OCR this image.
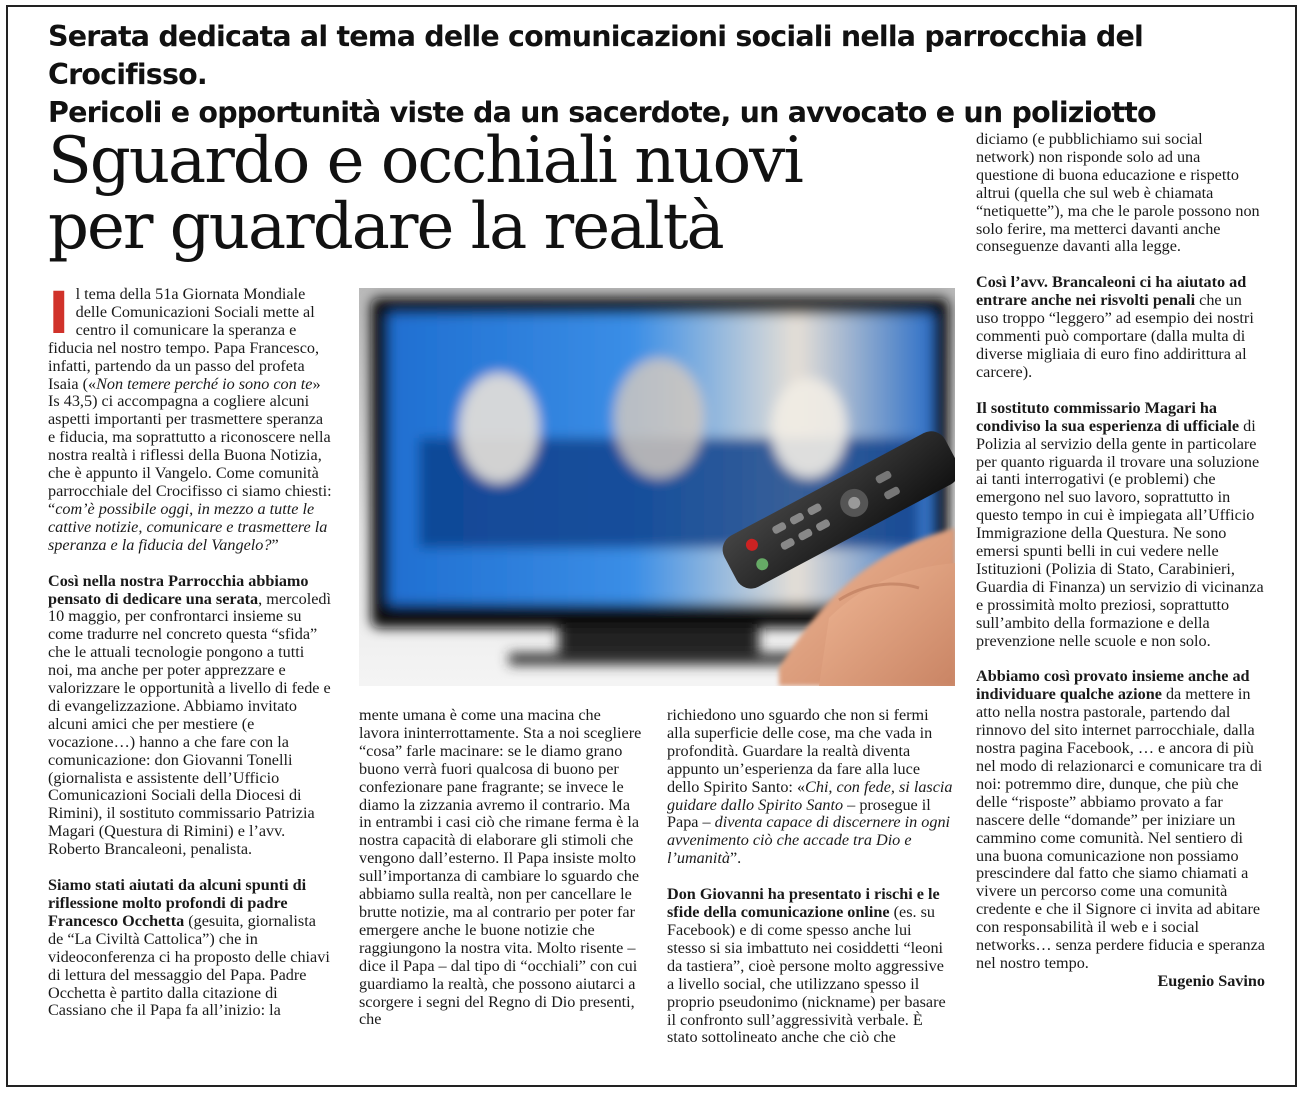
Serata dedicata al tema delle comunicazioni sociali nella parrocchia del Crocifisso.
Pericoli e opportunità viste da un sacerdote, un avvocato e un poliziotto
Sguardo e occhiali nuovi
per guardare la realtà

Il tema della 51a Giornata Mondiale delle Comunicazioni Sociali mette al centro il comunicare la speranza e fiducia nel nostro tempo. Papa Francesco, infatti, partendo da un passo del profeta Isaia («Non temere perché io sono con te» Is 43,5) ci accompagna a cogliere alcuni aspetti importanti per trasmettere speranza e fiducia, ma soprattutto a riconoscere nella nostra realtà i riflessi della Buona Notizia, che è appunto il Vangelo. Come comunità parrocchiale del Crocifisso ci siamo chiesti: “com’è possibile oggi, in mezzo a tutte le cattive notizie, comunicare e trasmettere la speranza e la fiducia del Vangelo?”

Così nella nostra Parrocchia abbiamo pensato di dedicare una serata, mercoledì 10 maggio, per confrontarci insieme su come tradurre nel concreto questa “sfida” che le attuali tecnologie pongono a tutti noi, ma anche per poter apprezzare e valorizzare le opportunità a livello di fede e di evangelizzazione. Abbiamo invitato alcuni amici che per mestiere (e vocazione…) hanno a che fare con la comunicazione: don Giovanni Tonelli (giornalista e assistente dell’Ufficio Comunicazioni Sociali della Diocesi di Rimini), il sostituto commissario Patrizia Magari (Questura di Rimini) e l’avv. Roberto Brancaleoni, penalista.

Siamo stati aiutati da alcuni spunti di riflessione molto profondi di padre Francesco Occhetta (gesuita, giornalista de “La Civiltà Cattolica”) che in videoconferenza ci ha proposto delle chiavi di lettura del messaggio del Papa. Padre Occhetta è partito dalla citazione di Cassiano che il Papa fa all’inizio: la

mente umana è come una macina che lavora ininterrottamente. Sta a noi scegliere “cosa” farle macinare: se le diamo grano buono verrà fuori qualcosa di buono per confezionare pane fragrante; se invece le diamo la zizzania avremo il contrario. Ma in entrambi i casi ciò che rimane ferma è la nostra capacità di elaborare gli stimoli che vengono dall’esterno. Il Papa insiste molto sull’importanza di cambiare lo sguardo che abbiamo sulla realtà, non per cancellare le brutte notizie, ma al contrario per poter far emergere anche le buone notizie che raggiungono la nostra vita. Molto risente – dice il Papa – dal tipo di “occhiali” con cui guardiamo la realtà, che possono aiutarci a scorgere i segni del Regno di Dio presenti, che

richiedono uno sguardo che non si fermi alla superficie delle cose, ma che vada in profondità. Guardare la realtà diventa appunto un’esperienza da fare alla luce dello Spirito Santo: «Chi, con fede, si lascia guidare dallo Spirito Santo – prosegue il Papa – diventa capace di discernere in ogni avvenimento ciò che accade tra Dio e l’umanità”.

Don Giovanni ha presentato i rischi e le sfide della comunicazione online (es. su Facebook) e di come spesso anche lui stesso si sia imbattuto nei cosiddetti “leoni da tastiera”, cioè persone molto aggressive a livello social, che utilizzano spesso il proprio pseudonimo (nickname) per basare il confronto sull’aggressività verbale. È stato sottolineato anche che ciò che

diciamo (e pubblichiamo sui social network) non risponde solo ad una questione di buona educazione e rispetto altrui (quella che sul web è chiamata “netiquette”), ma che le parole possono non solo ferire, ma metterci davanti anche conseguenze davanti alla legge.

Così l’avv. Brancaleoni ci ha aiutato ad entrare anche nei risvolti penali che un uso troppo “leggero” ad esempio dei nostri commenti può comportare (dalla multa di diverse migliaia di euro fino addirittura al carcere).

Il sostituto commissario Magari ha condiviso la sua esperienza di ufficiale di Polizia al servizio della gente in particolare per quanto riguarda il trovare una soluzione ai tanti interrogativi (e problemi) che emergono nel suo lavoro, soprattutto in questo tempo in cui è impiegata all’Ufficio Immigrazione della Questura. Ne sono emersi spunti belli in cui vedere nelle Istituzioni (Polizia di Stato, Carabinieri, Guardia di Finanza) un servizio di vicinanza e prossimità molto preziosi, soprattutto sull’ambito della formazione e della prevenzione nelle scuole e non solo.

Abbiamo così provato insieme anche ad individuare qualche azione da mettere in atto nella nostra pastorale, partendo dal rinnovo del sito internet parrocchiale, dalla nostra pagina Facebook, … e ancora di più nel modo di relazionarci e comunicare tra di noi: potremmo dire, dunque, che più che delle “risposte” abbiamo provato a far nascere delle “domande” per iniziare un cammino come comunità. Nel sentiero di una buona comunicazione non possiamo prescindere dal fatto che siamo chiamati a vivere un percorso come una comunità credente e che il Signore ci invita ad abitare con responsabilità il web e i social networks… senza perdere fiducia e speranza nel nostro tempo.

Eugenio Savino
